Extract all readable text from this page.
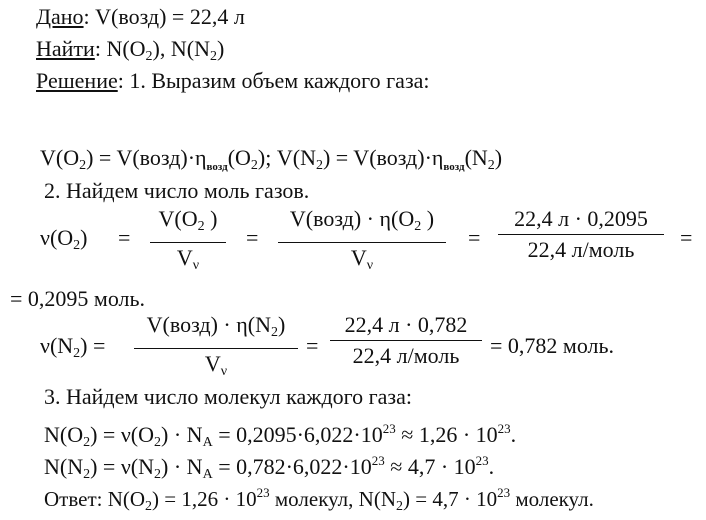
Дано: V(возд) = 22,4 л
Найти: $N(O_2)$, $N(N_2)$
Решение: 1. Выразим объем каждого газа:
$V(O_2)$ = $V(возд)\cdot\eta_{возд}(O_2)$; $V(N_2)$ = $V(возд)\cdot\eta_{возд}(N_2)$
2. Найдем число моль газов.
$\nu(O_2)$ =
$V(O_2$ )
$V_\nu$
=
V(возд) · $\eta(O_2$ )
$V_\nu$
=
22,4 л · 0,2095
22,4 л/моль	=
= 0,2095 моль.
$\nu(N_2)$ =
V(возд) · $\eta(N_2)$
$V_\nu$
=
22,4 л · 0,782
22,4 л/моль	= 0,782 моль.
3. Найдем число молекул каждого газа:
$N(O_2) = \nu(O_2) \cdot N_A = 0,2095\cdot 6,022\cdot 10^{23} \approx 1,26 \cdot 10^{23}$.
$N(N_2) = \nu(N_2) \cdot N_A = 0,782\cdot 6,022\cdot 10^{23} \approx 4,7 \cdot 10^{23}$.
Ответ: $N(O_2) = 1,26 \cdot 10^{23}$ молекул, $N(N_2) = 4,7 \cdot 10^{23}$ молекул.
